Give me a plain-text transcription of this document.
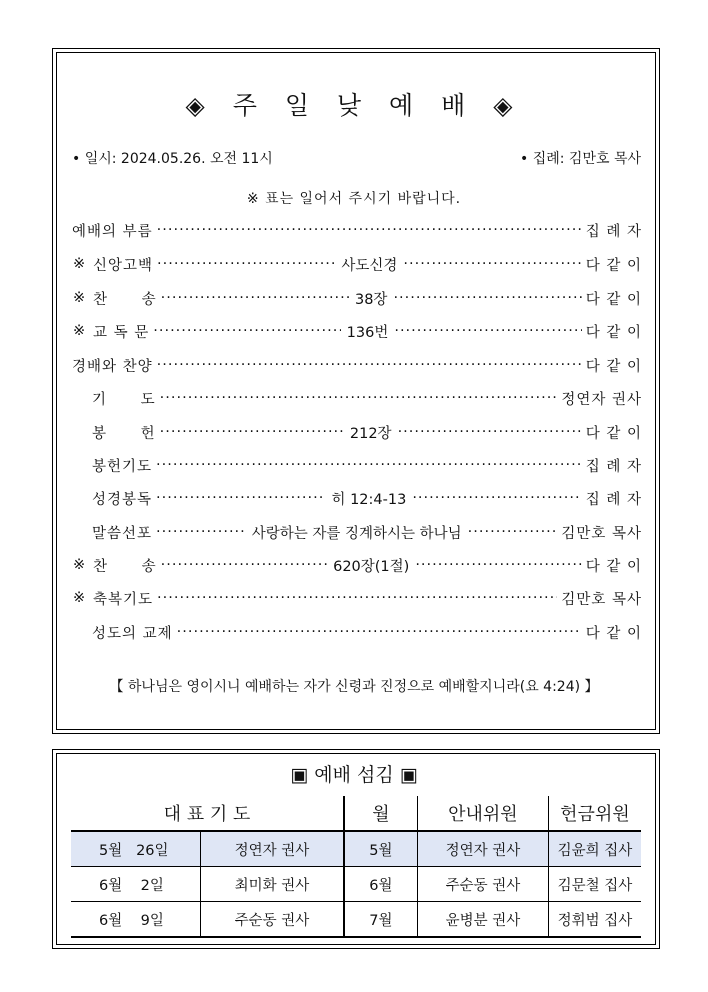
◈ 주 일 낮 예 배 ◈
• 일시: 2024.05.26. 오전 11시	• 집례: 김만호 목사
※ 표는 일어서 주시기 바랍니다.
예배의 부름 .....	집 례 자
※ 신앙고백 .....	사도신경 .....	다 같 이
※ 찬      송 .....	38장 .....	다 같 이
※ 교 독 문 .....	136번 .....	다 같 이
경배와 찬양 .....	다 같 이
기      도 .....	정연자 권사
봉      헌 .....	212장 .....	다 같 이
봉헌기도 .....	집 례 자
성경봉독 .....	히 12:4-13 .....	집 례 자
말씀선포 .....	사랑하는 자를 징계하시는 하나님 .....	김만호 목사
※ 찬      송 .....	620장(1절) .....	다 같 이
※ 축복기도 .....	김만호 목사
성도의 교제 .....	다 같 이
【 하나님은 영이시니 예배하는 자가 신령과 진정으로 예배할지니라(요 4:24) 】
▣ 예배 섬김 ▣
대 표 기 도		월	안내위원	헌금위원
5월 26일	정연자 권사	5월	정연자 권사	김윤희 집사
6월 2일	최미화 권사	6월	주순동 권사	김문철 집사
6월 9일	주순동 권사	7월	윤병분 권사	정휘범 집사
